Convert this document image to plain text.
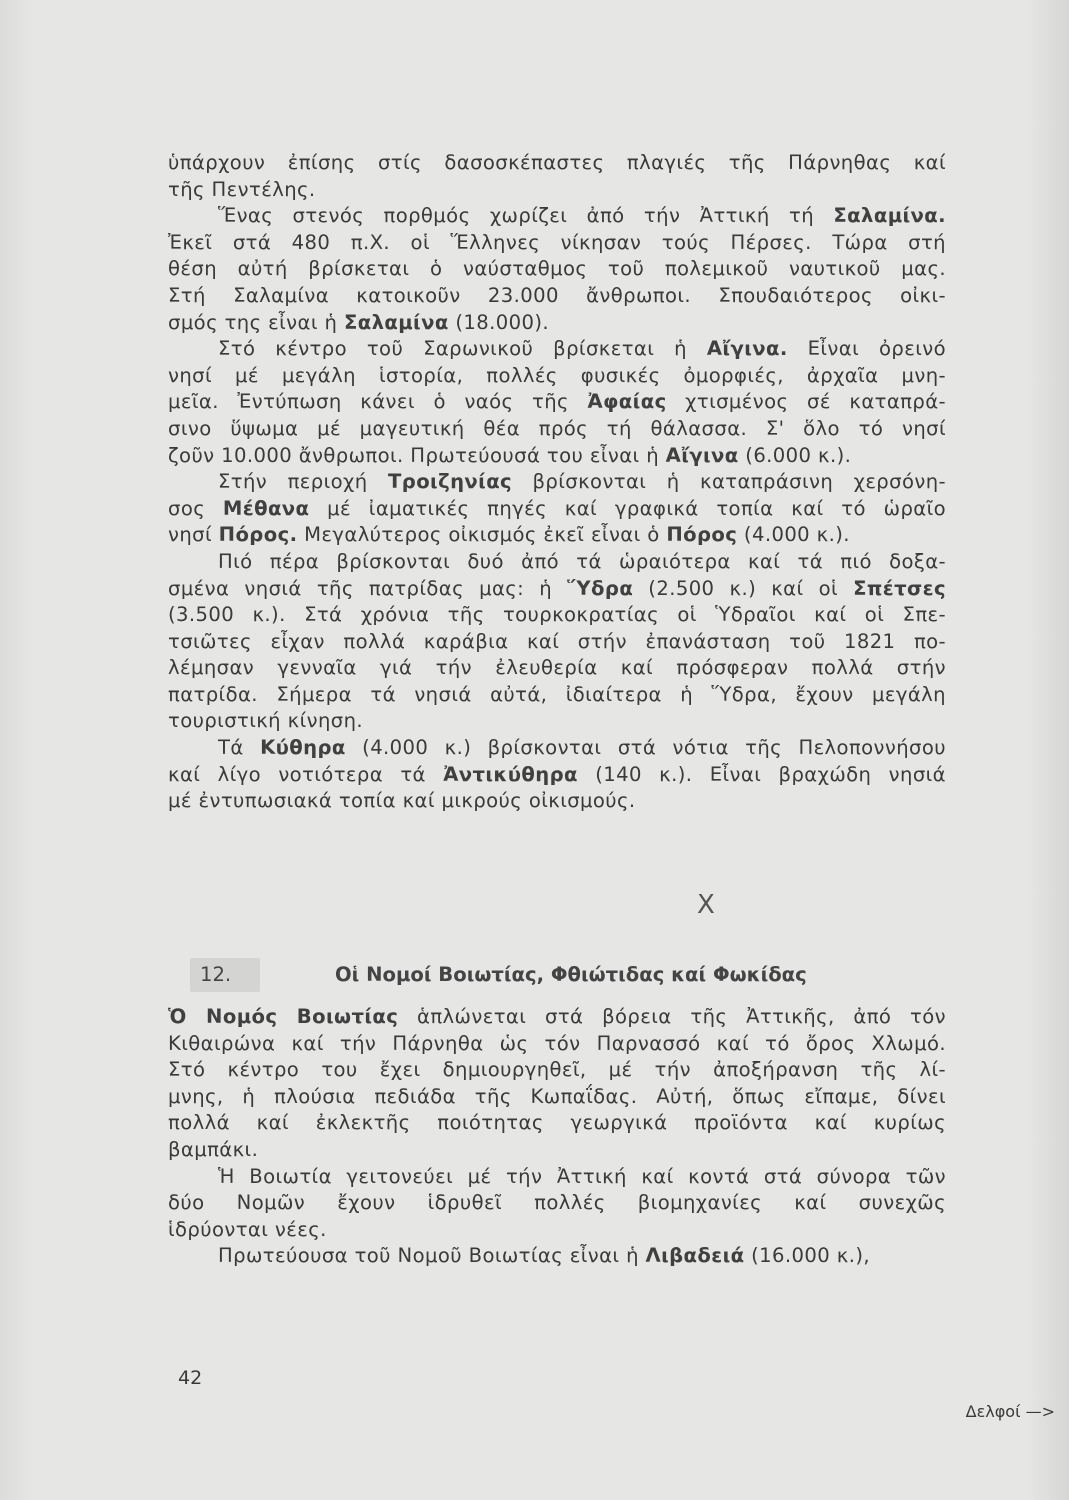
ὑπάρχουν ἐπίσης στίς δασοσκέπαστες πλαγιές τῆς Πάρνηθας καί
τῆς Πεντέλης.
Ἕνας στενός πορθμός χωρίζει ἀπό τήν Ἀττική τή Σαλαμίνα.
Ἐκεῖ στά 480 π.Χ. οἱ Ἕλληνες νίκησαν τούς Πέρσες. Τώρα στή
θέση αὐτή βρίσκεται ὁ ναύσταθμος τοῦ πολεμικοῦ ναυτικοῦ μας.
Στή Σαλαμίνα κατοικοῦν 23.000 ἄνθρωποι. Σπουδαιότερος οἰκι-
σμός της εἶναι ἡ Σαλαμίνα (18.000).
Στό κέντρο τοῦ Σαρωνικοῦ βρίσκεται ἡ Αἴγινα. Εἶναι ὀρεινό
νησί μέ μεγάλη ἱστορία, πολλές φυσικές ὀμορφιές, ἀρχαῖα μνη-
μεῖα. Ἐντύπωση κάνει ὁ ναός τῆς Ἀφαίας χτισμένος σέ καταπρά-
σινο ὕψωμα μέ μαγευτική θέα πρός τή θάλασσα. Σ' ὅλο τό νησί
ζοῦν 10.000 ἄνθρωποι. Πρωτεύουσά του εἶναι ἡ Αἴγινα (6.000 κ.).
Στήν περιοχή Τροιζηνίας βρίσκονται ἡ καταπράσινη χερσόνη-
σος Μέθανα μέ ἰαματικές πηγές καί γραφικά τοπία καί τό ὡραῖο
νησί Πόρος. Μεγαλύτερος οἰκισμός ἐκεῖ εἶναι ὁ Πόρος (4.000 κ.).
Πιό πέρα βρίσκονται δυό ἀπό τά ὡραιότερα καί τά πιό δοξα-
σμένα νησιά τῆς πατρίδας μας: ἡ Ὕδρα (2.500 κ.) καί οἱ Σπέτσες
(3.500 κ.). Στά χρόνια τῆς τουρκοκρατίας οἱ Ὑδραῖοι καί οἱ Σπε-
τσιῶτες εἶχαν πολλά καράβια καί στήν ἐπανάσταση τοῦ 1821 πο-
λέμησαν γενναῖα γιά τήν ἐλευθερία καί πρόσφεραν πολλά στήν
πατρίδα. Σήμερα τά νησιά αὐτά, ἰδιαίτερα ἡ Ὕδρα, ἔχουν μεγάλη
τουριστική κίνηση.
Τά Κύθηρα (4.000 κ.) βρίσκονται στά νότια τῆς Πελοποννήσου
καί λίγο νοτιότερα τά Ἀντικύθηρα (140 κ.). Εἶναι βραχώδη νησιά
μέ ἐντυπωσιακά τοπία καί μικρούς οἰκισμούς.
12.	Οἱ Νομοί Βοιωτίας, Φθιώτιδας καί Φωκίδας
Ὁ Νομός Βοιωτίας ἁπλώνεται στά βόρεια τῆς Ἀττικῆς, ἀπό τόν
Κιθαιρώνα καί τήν Πάρνηθα ὡς τόν Παρνασσό καί τό ὄρος Χλωμό.
Στό κέντρο του ἔχει δημιουργηθεῖ, μέ τήν ἀποξήρανση τῆς λί-
μνης, ἡ πλούσια πεδιάδα τῆς Κωπαΐδας. Αὐτή, ὅπως εἴπαμε, δίνει
πολλά καί ἐκλεκτῆς ποιότητας γεωργικά προϊόντα καί κυρίως
βαμπάκι.
Ἡ Βοιωτία γειτονεύει μέ τήν Ἀττική καί κοντά στά σύνορα τῶν
δύο Νομῶν ἔχουν ἱδρυθεῖ πολλές βιομηχανίες καί συνεχῶς
ἱδρύονται νέες.
Πρωτεύουσα τοῦ Νομοῦ Βοιωτίας εἶναι ἡ Λιβαδειά (16.000 κ.),
X
42
Δελφοί —>
